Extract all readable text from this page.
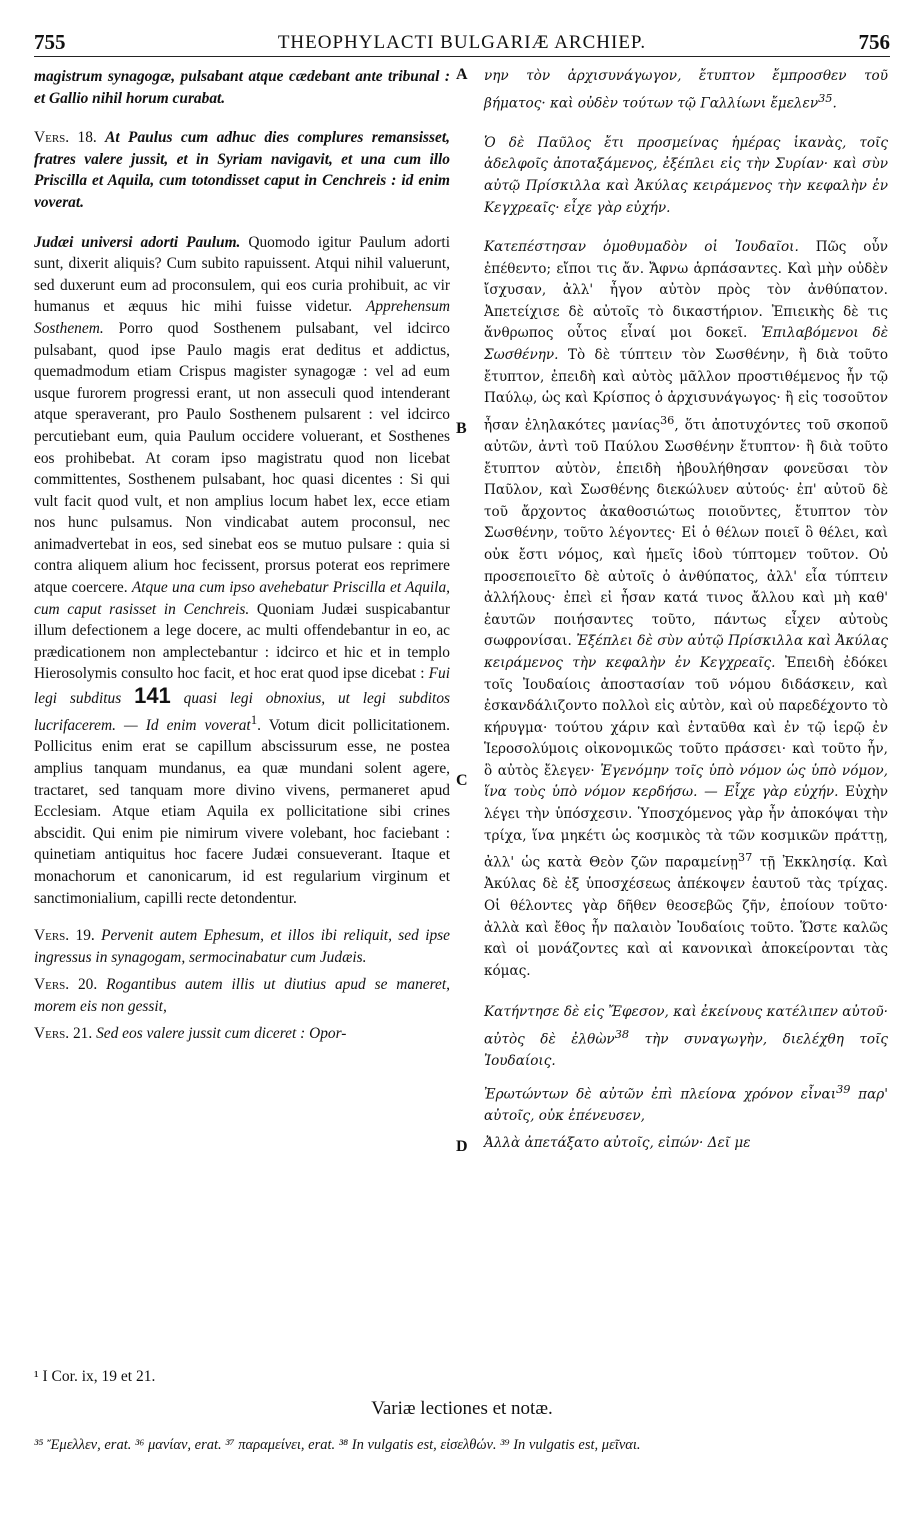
755	THEOPHYLACTI BULGARIÆ ARCHIEP.	756
A
B
C
D

magistrum synagogæ, pulsabant atque cædebant ante tribunal : et Gallio nihil horum curabat.

Vers. 18. At Paulus cum adhuc dies complures remansisset, fratres valere jussit, et in Syriam navigavit, et una cum illo Priscilla et Aquila, cum totondisset caput in Cenchreis : id enim voverat.

Judæi universi adorti Paulum. Quomodo igitur Paulum adorti sunt, dixerit aliquis? Cum subito rapuissent. Atqui nihil valuerunt, sed duxerunt eum ad proconsulem, qui eos curia prohibuit, ac vir humanus et æquus hic mihi fuisse videtur. Apprehensum Sosthenem. Porro quod Sosthenem pulsabant, vel idcirco pulsabant, quod ipse Paulo magis erat deditus et addictus, quemadmodum etiam Crispus magister synagogæ : vel ad eum usque furorem progressi erant, ut non asseculi quod intenderant atque speraverant, pro Paulo Sosthenem pulsarent : vel idcirco percutiebant eum, quia Paulum occidere voluerant, et Sosthenes eos prohibebat. At coram ipso magistratu quod non licebat committentes, Sosthenem pulsabant, hoc quasi dicentes : Si qui vult facit quod vult, et non amplius locum habet lex, ecce etiam nos hunc pulsamus. Non vindicabat autem proconsul, nec animadvertebat in eos, sed sinebat eos se mutuo pulsare : quia si contra aliquem alium hoc fecissent, prorsus poterat eos reprimere atque coercere. Atque una cum ipso avehebatur Priscilla et Aquila, cum caput rasisset in Cenchreis. Quoniam Judæi suspicabantur illum defectionem a lege docere, ac multi offendebantur in eo, ac prædicationem non amplectebantur : idcirco et hic et in templo Hierosolymis consulto hoc facit, et hoc erat quod ipse dicebat : Fui legi subditus 141 quasi legi obnoxius, ut legi subditos lucrifacerem. — Id enim voverat$^1$. Votum dicit pollicitationem. Pollicitus enim erat se capillum abscissurum esse, ne postea amplius tanquam mundanus, ea quæ mundani solent agere, tractaret, sed tanquam more divino vivens, permaneret apud Ecclesiam. Atque etiam Aquila ex pollicitatione sibi crines abscidit. Qui enim pie nimirum vivere volebant, hoc faciebant : quinetiam antiquitus hoc facere Judæi consueverant. Itaque et monachorum et canonicarum, id est regularium virginum et sanctimonialium, capilli recte detondentur.

Vers. 19. Pervenit autem Ephesum, et illos ibi reliquit, sed ipse ingressus in synagogam, sermocinabatur cum Judæis.

Vers. 20. Rogantibus autem illis ut diutius apud se maneret, morem eis non gessit,

Vers. 21. Sed eos valere jussit cum diceret : Opor-

νην τὸν ἀρχισυνάγωγον, ἔτυπτον ἔμπροσθεν τοῦ βήματος· καὶ οὐδὲν τούτων τῷ Γαλλίωνι ἔμελεν$^{35}$.

Ὁ δὲ Παῦλος ἔτι προσμείνας ἡμέρας ἱκανὰς, τοῖς ἀδελφοῖς ἀποταξάμενος, ἐξέπλει εἰς τὴν Συρίαν· καὶ σὺν αὐτῷ Πρίσκιλλα καὶ Ἀκύλας κειράμενος τὴν κεφαλὴν ἐν Κεγχρεαῖς· εἶχε γὰρ εὐχήν.

Κατεπέστησαν ὁμοθυμαδὸν οἱ Ἰουδαῖοι. Πῶς οὖν ἐπέθεντο; εἴποι τις ἄν. Ἄφνω ἁρπάσαντες. Καὶ μὴν οὐδὲν ἴσχυσαν, ἀλλ' ἦγον αὐτὸν πρὸς τὸν ἀνθύπατον. Ἀπετείχισε δὲ αὐτοῖς τὸ δικαστήριον. Ἐπιεικὴς δὲ τις ἄνθρωπος οὗτος εἶναί μοι δοκεῖ. Ἐπιλαβόμενοι δὲ Σωσθένην. Τὸ δὲ τύπτειν τὸν Σωσθένην, ἢ διὰ τοῦτο ἔτυπτον, ἐπειδὴ καὶ αὐτὸς μᾶλλον προστιθέμενος ἦν τῷ Παύλῳ, ὡς καὶ Κρίσπος ὁ ἀρχισυνάγωγος· ἢ εἰς τοσοῦτον ἦσαν ἐληλακότες μανίας$^{36}$, ὅτι ἀποτυχόντες τοῦ σκοποῦ αὐτῶν, ἀντὶ τοῦ Παύλου Σωσθένην ἔτυπτον· ἢ διὰ τοῦτο ἔτυπτον αὐτὸν, ἐπειδὴ ἠβουλήθησαν φονεῦσαι τὸν Παῦλον, καὶ Σωσθένης διεκώλυεν αὐτούς· ἐπ' αὐτοῦ δὲ τοῦ ἄρχοντος ἀκαθοσιώτως ποιοῦντες, ἔτυπτον τὸν Σωσθένην, τοῦτο λέγοντες· Εἰ ὁ θέλων ποιεῖ ὃ θέλει, καὶ οὐκ ἔστι νόμος, καὶ ἡμεῖς ἰδοὺ τύπτομεν τοῦτον. Οὐ προσεποιεῖτο δὲ αὐτοῖς ὁ ἀνθύπατος, ἀλλ' εἶα τύπτειν ἀλλήλους· ἐπεὶ εἰ ἦσαν κατά τινος ἄλλου καὶ μὴ καθ' ἑαυτῶν ποιήσαντες τοῦτο, πάντως εἶχεν αὐτοὺς σωφρονίσαι. Ἐξέπλει δὲ σὺν αὐτῷ Πρίσκιλλα καὶ Ἀκύλας κειράμενος τὴν κεφαλὴν ἐν Κεγχρεαῖς. Ἐπειδὴ ἐδόκει τοῖς Ἰουδαίοις ἀποστασίαν τοῦ νόμου διδάσκειν, καὶ ἐσκανδάλιζοντο πολλοὶ εἰς αὐτὸν, καὶ οὐ παρεδέχοντο τὸ κήρυγμα· τούτου χάριν καὶ ἐνταῦθα καὶ ἐν τῷ ἱερῷ ἐν Ἱεροσολύμοις οἰκονομικῶς τοῦτο πράσσει· καὶ τοῦτο ἦν, ὃ αὐτὸς ἔλεγεν· Ἐγενόμην τοῖς ὑπὸ νόμον ὡς ὑπὸ νόμον, ἵνα τοὺς ὑπὸ νόμον κερδήσω. — Εἶχε γὰρ εὐχήν. Εὐχὴν λέγει τὴν ὑπόσχεσιν. Ὑποσχόμενος γὰρ ἦν ἀποκόψαι τὴν τρίχα, ἵνα μηκέτι ὡς κοσμικὸς τὰ τῶν κοσμικῶν πράττῃ, ἀλλ' ὡς κατὰ Θεὸν ζῶν παραμείνῃ$^{37}$ τῇ Ἐκκλησίᾳ. Καὶ Ἀκύλας δὲ ἐξ ὑποσχέσεως ἀπέκοψεν ἑαυτοῦ τὰς τρίχας. Οἱ θέλοντες γὰρ δῆθεν θεοσεβῶς ζῆν, ἐποίουν τοῦτο· ἀλλὰ καὶ ἔθος ἦν παλαιὸν Ἰουδαίοις τοῦτο. Ὥστε καλῶς καὶ οἱ μονάζοντες καὶ αἱ κανονικαὶ ἀποκείρονται τὰς κόμας.

Κατήντησε δὲ εἰς Ἔφεσον, καὶ ἐκείνους κατέλιπεν αὐτοῦ· αὐτὸς δὲ ἐλθὼν$^{38}$ τὴν συναγωγὴν, διελέχθη τοῖς Ἰουδαίοις.

Ἐρωτώντων δὲ αὐτῶν ἐπὶ πλείονα χρόνον εἶναι$^{39}$ παρ' αὐτοῖς, οὐκ ἐπένευσεν,

Ἀλλὰ ἀπετάξατο αὐτοῖς, εἰπών· Δεῖ με

¹ I Cor. ix, 19 et 21.
Variæ lectiones et notæ.
³⁵ Ἔμελλεν, erat. ³⁶ μανίαν, erat. ³⁷ παραμείνει, erat. ³⁸ In vulgatis est, εἰσελθών. ³⁹ In vulgatis est, μεῖναι.
